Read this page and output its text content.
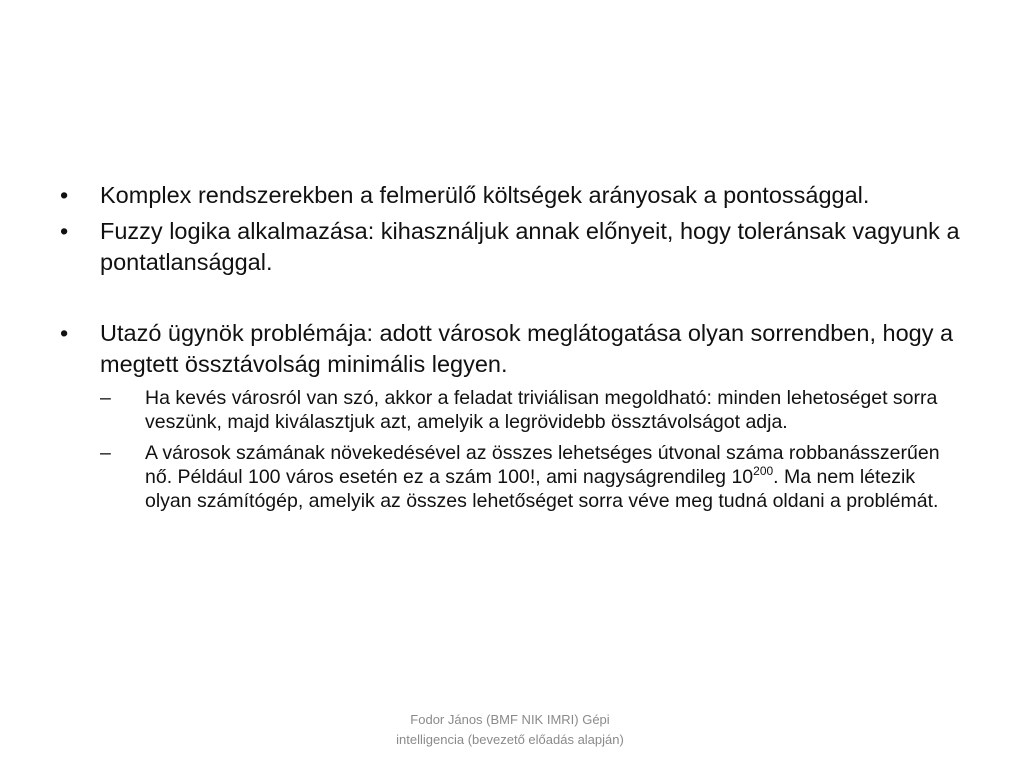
•	Komplex rendszerekben a felmerülő költségek arányosak a pontossággal.
•	Fuzzy logika alkalmazása: kihasználjuk annak előnyeit, hogy toleránsak vagyunk a pontatlansággal.
•	Utazó ügynök problémája: adott városok meglátogatása olyan sorrendben, hogy a megtett össztávolság minimális legyen.
–	Ha kevés városról van szó, akkor a feladat triviálisan megoldható: minden lehetoséget sorra veszünk, majd kiválasztjuk azt, amelyik a legrövidebb össztávolságot adja.
–	A városok számának növekedésével az összes lehetséges útvonal száma robbanásszerűen nő. Például 100 város esetén ez a szám 100!, ami nagyságrendileg $10^{200}$. Ma nem létezik olyan számítógép, amelyik az összes lehetőséget sorra véve meg tudná oldani a problémát.
Fodor János (BMF NIK IMRI) Gépi
intelligencia (bevezető előadás alapján)
